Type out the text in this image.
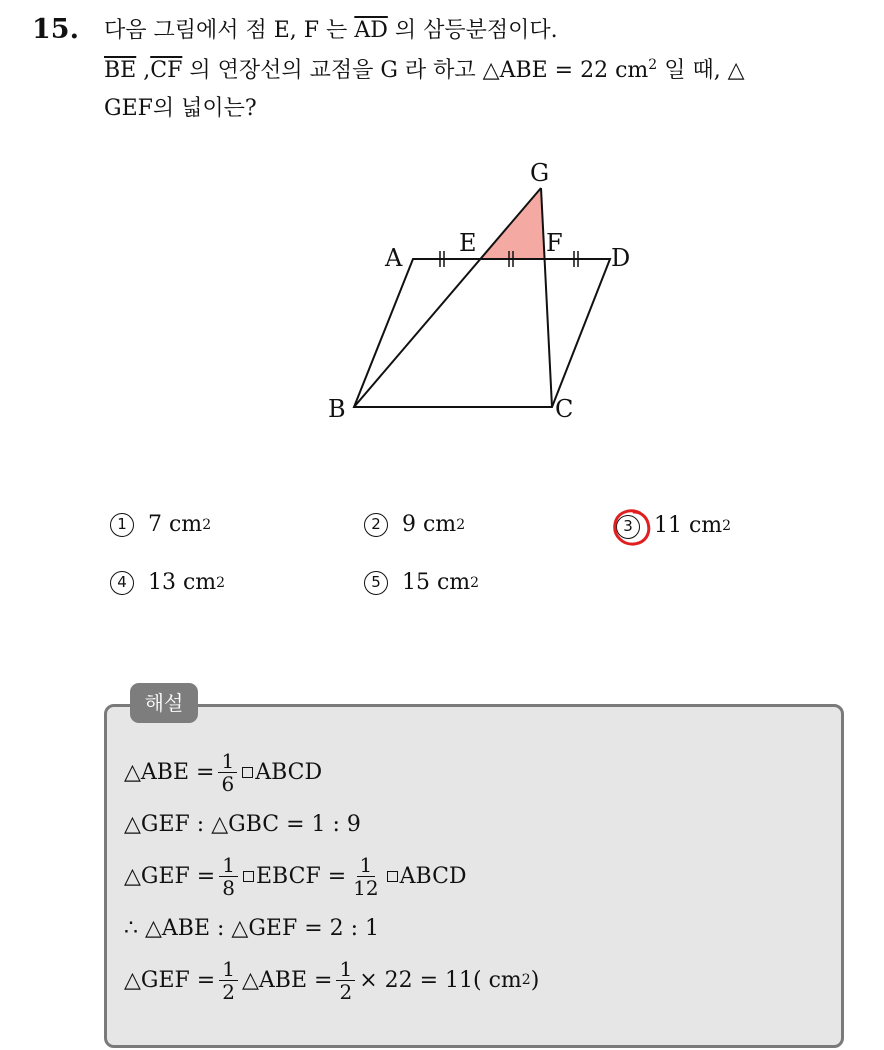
15. 다음 그림에서 점 E, F 는 $\overline{AD}$ 의 삼등분점이다.
$\overline{BE}$ $,\overline{CF}$ 의 연장선의 교점을 G 라 하고 △ABE = 22 $cm^2$ 일 때, △
GEF의 넓이는?
G
A
E	F
D
B	C
1 7 cm 2	2 9 cm 2	3 11 cm 2
4 13 cm 2	5 15 cm 2
해설
△ABE = $\frac{1}{6}$ ABCD
△GEF : △GBC = 1 : 9
△GEF = $\frac{1}{8}$ EBCF = $\frac{1}{12}$ ABCD
∴ △ABE : △GEF = 2 : 1
△GEF = $\frac{1}{2}$ △ABE = $\frac{1}{2} \times 22 = 11$( cm 2 )
